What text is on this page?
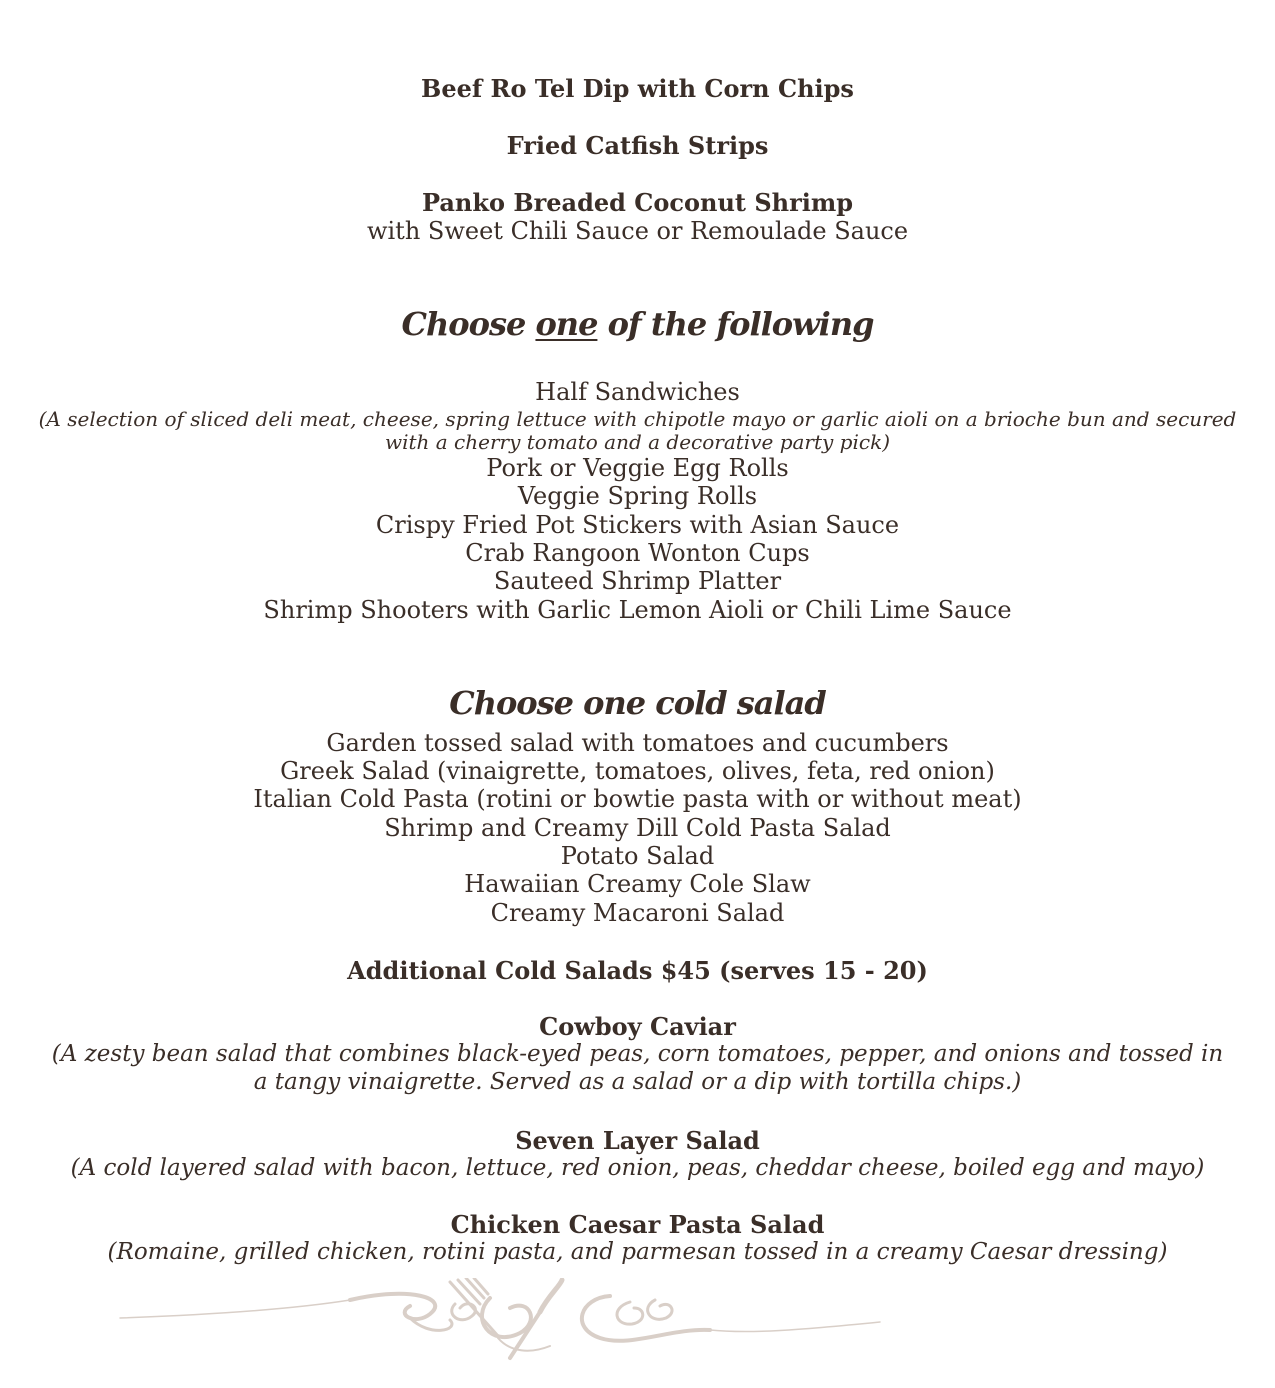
Beef Ro Tel Dip with Corn Chips
Fried Catfish Strips
Panko Breaded Coconut Shrimp
with Sweet Chili Sauce or Remoulade Sauce
Choose one of the following
Half Sandwiches
(A selection of sliced deli meat, cheese, spring lettuce with chipotle mayo or garlic aioli on a brioche bun and secured
with a cherry tomato and a decorative party pick)
Pork or Veggie Egg Rolls
Veggie Spring Rolls
Crispy Fried Pot Stickers with Asian Sauce
Crab Rangoon Wonton Cups
Sauteed Shrimp Platter
Shrimp Shooters with Garlic Lemon Aioli or Chili Lime Sauce
Choose one cold salad
Garden tossed salad with tomatoes and cucumbers
Greek Salad (vinaigrette, tomatoes, olives, feta, red onion)
Italian Cold Pasta (rotini or bowtie pasta with or without meat)
Shrimp and Creamy Dill Cold Pasta Salad
Potato Salad
Hawaiian Creamy Cole Slaw
Creamy Macaroni Salad
Additional Cold Salads $45 (serves 15 - 20)
Cowboy Caviar
(A zesty bean salad that combines black-eyed peas, corn tomatoes, pepper, and onions and tossed in
a tangy vinaigrette. Served as a salad or a dip with tortilla chips.)
Seven Layer Salad
(A cold layered salad with bacon, lettuce, red onion, peas, cheddar cheese, boiled egg and mayo)
Chicken Caesar Pasta Salad
(Romaine, grilled chicken, rotini pasta, and parmesan tossed in a creamy Caesar dressing)
